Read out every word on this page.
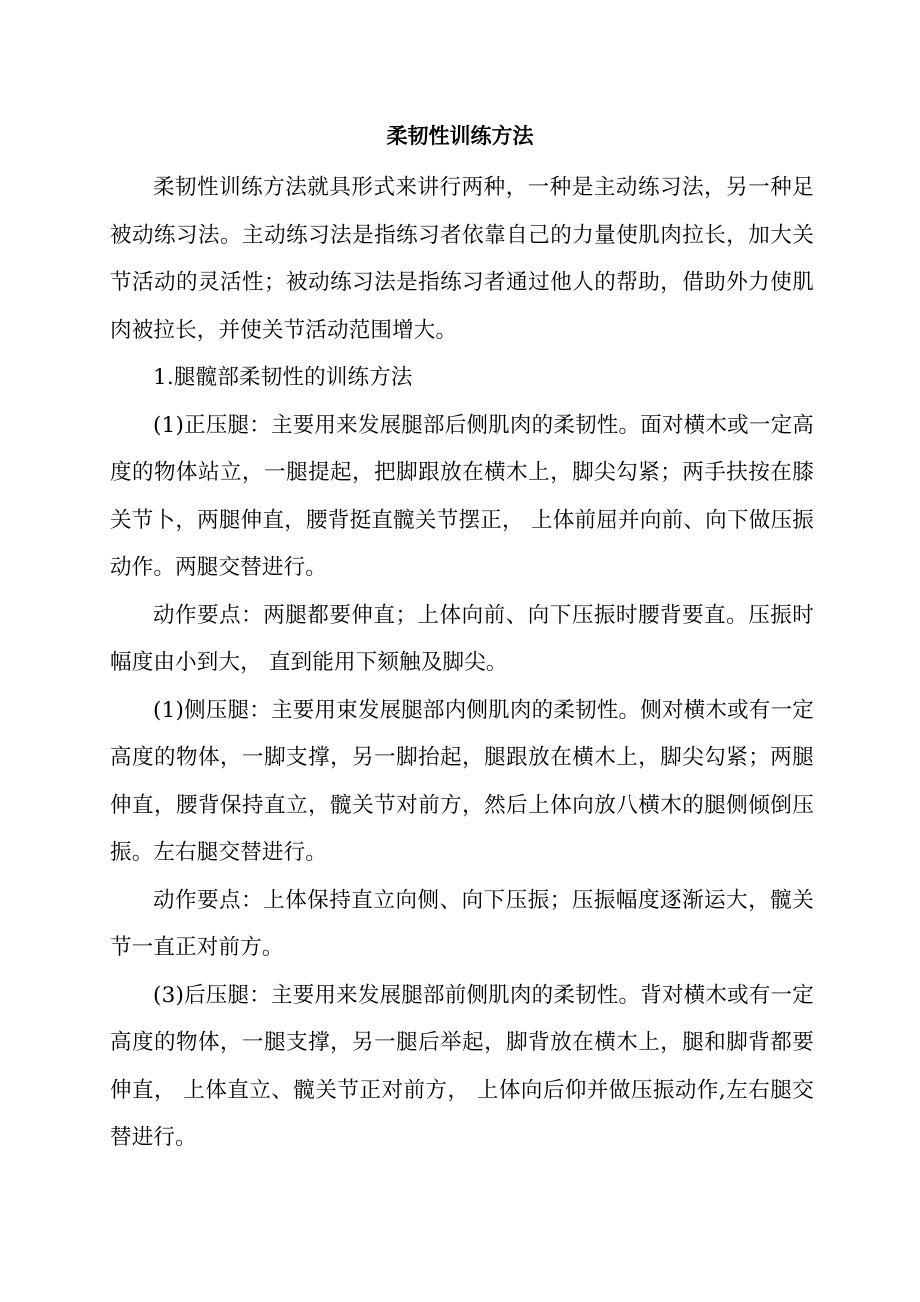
柔韧性训练方法

柔韧性训练方法就具形式来讲行两种，一种是主动练习法，另一种足被动练习法。主动练习法是指练习者依靠自己的力量使肌肉拉长，加大关节活动的灵活性；被动练习法是指练习者通过他人的帮助，借助外力使肌肉被拉长，并使关节活动范围增大。

1.腿髋部柔韧性的训练方法

(1)正压腿：主要用来发展腿部后侧肌肉的柔韧性。面对横木或一定高度的物体站立，一腿提起，把脚跟放在横木上，脚尖勾紧；两手扶按在膝关节卜，两腿伸直，腰背挺直髋关节摆正， 上体前屈并向前、向下做压振动作。两腿交替进行。

动作要点：两腿都要伸直；上体向前、向下压振时腰背要直。压振时幅度由小到大， 直到能用下颏触及脚尖。

(1)侧压腿：主要用束发展腿部内侧肌肉的柔韧性。侧对横木或有一定高度的物体，一脚支撑，另一脚抬起，腿跟放在横木上，脚尖勾紧；两腿伸直，腰背保持直立，髋关节对前方，然后上体向放八横木的腿侧倾倒压振。左右腿交替进行。

动作要点：上体保持直立向侧、向下压振；压振幅度逐渐运大，髋关节一直正对前方。

(3)后压腿：主要用来发展腿部前侧肌肉的柔韧性。背对横木或有一定高度的物体，一腿支撑，另一腿后举起，脚背放在横木上，腿和脚背都要伸直， 上体直立、髋关节正对前方， 上体向后仰并做压振动作,左右腿交替进行。
